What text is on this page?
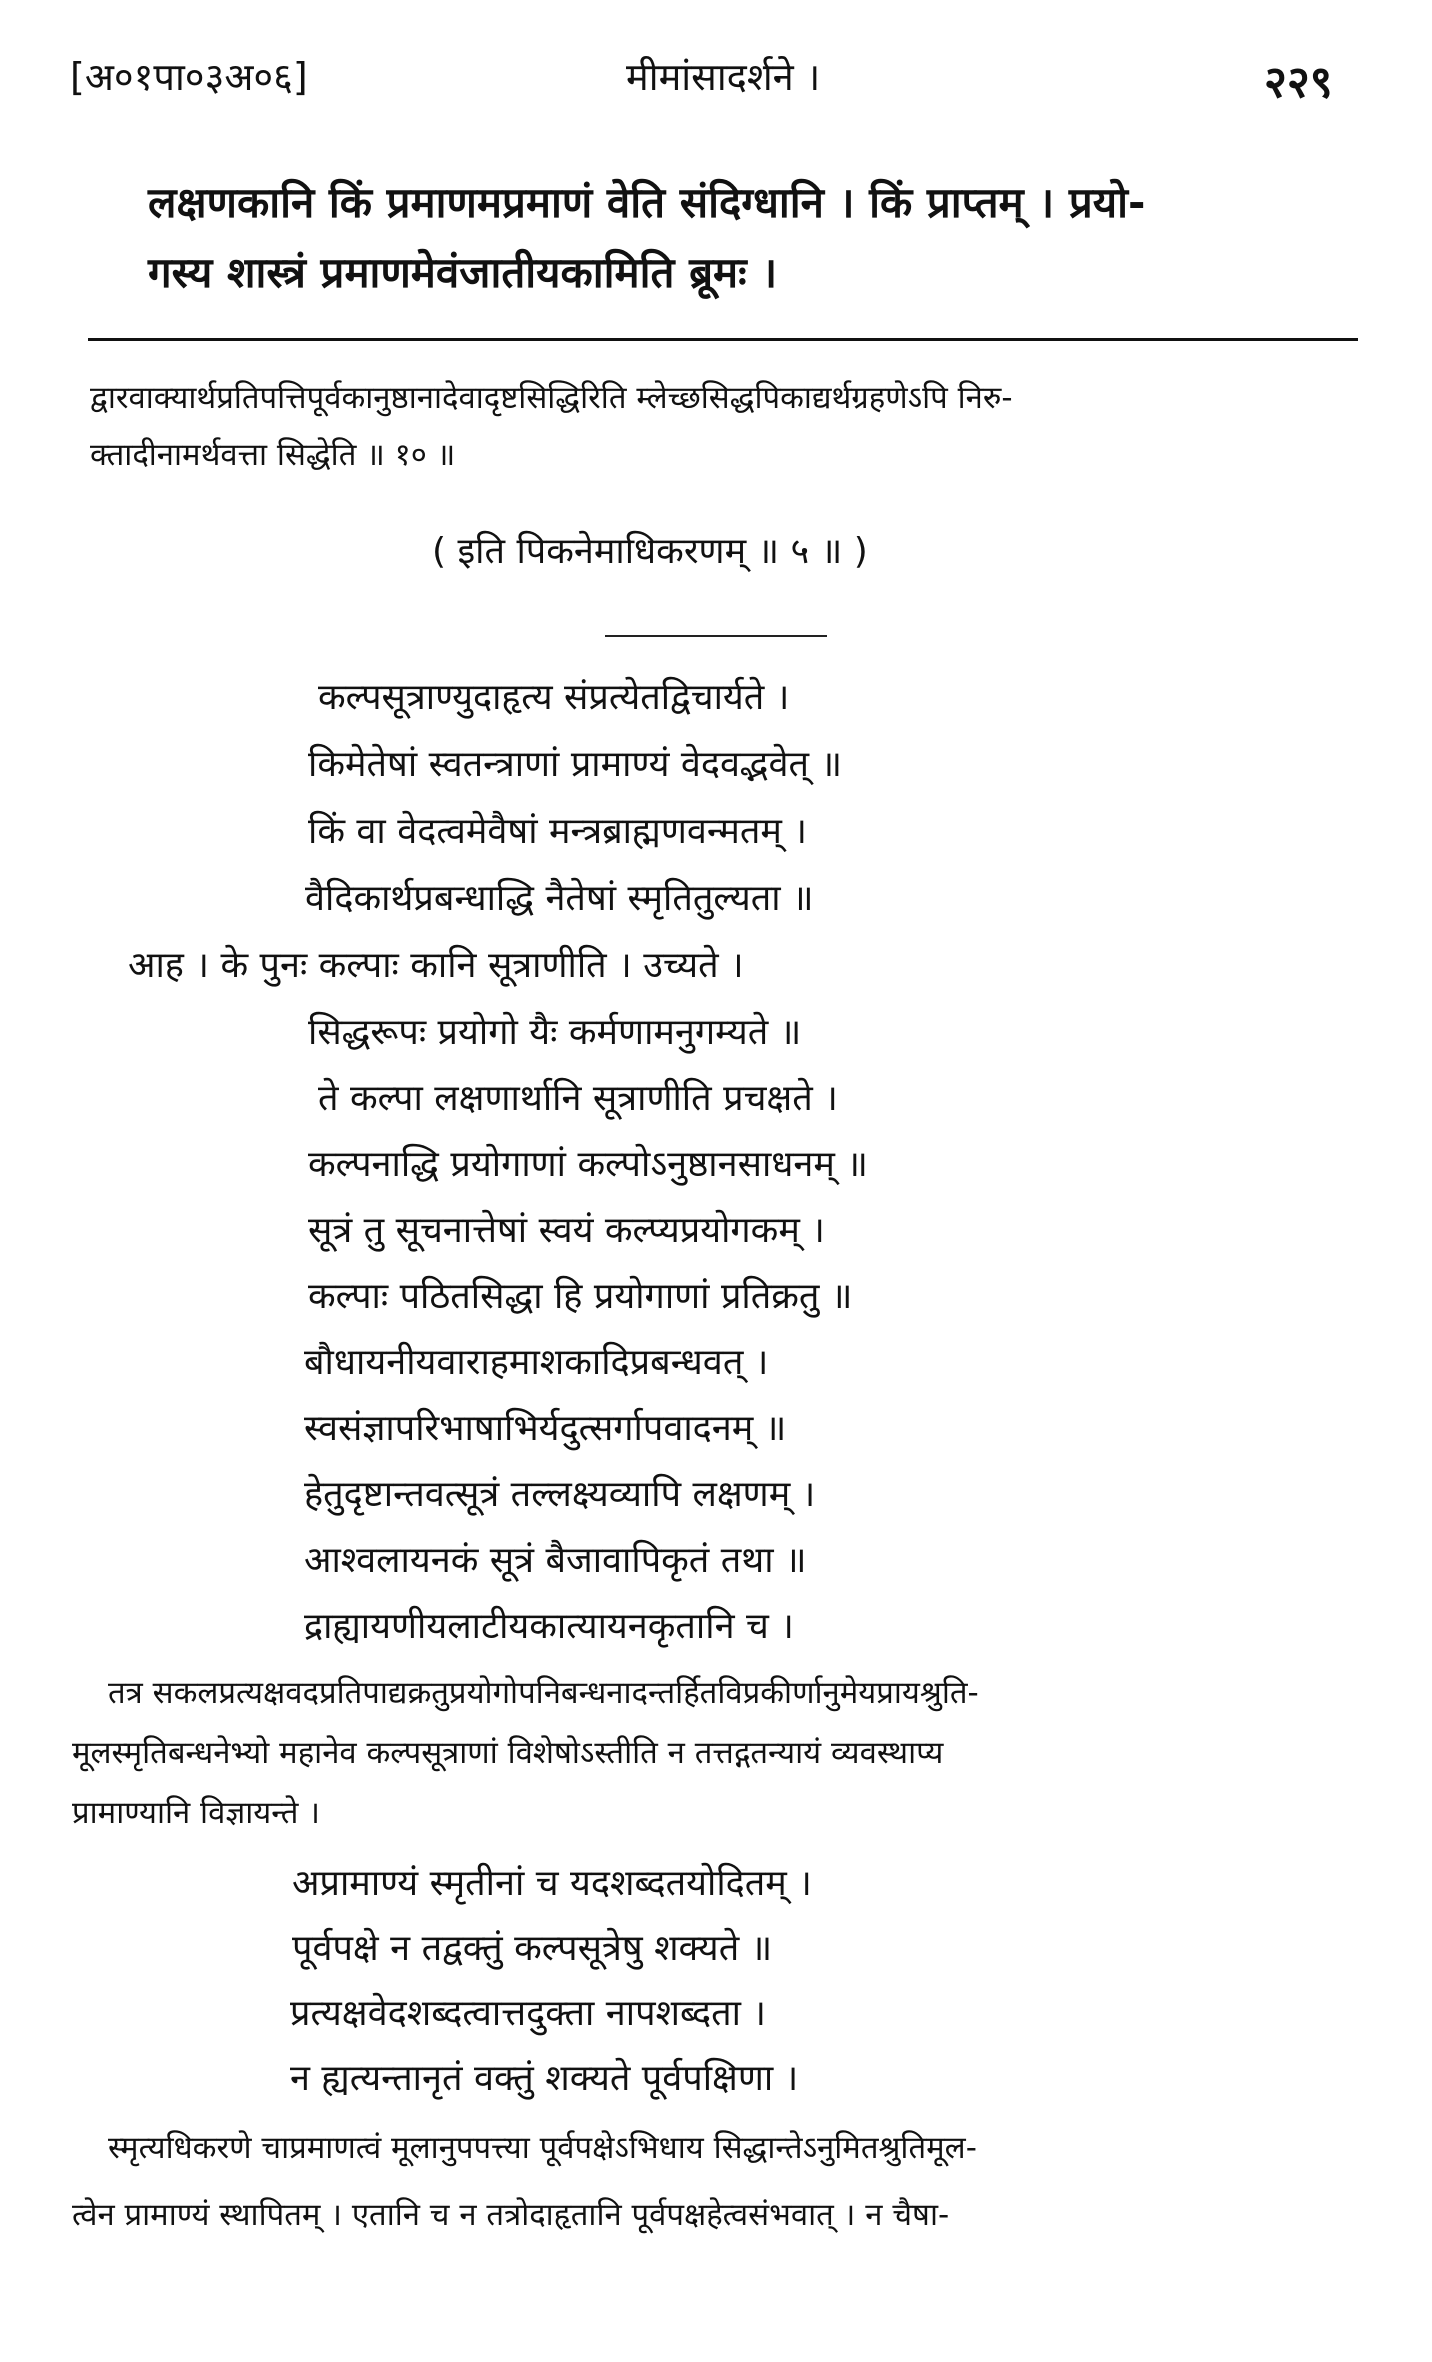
[अ०१पा०३अ०६]	मीमांसादर्शने ।	२२९
लक्षणकानि किं प्रमाणमप्रमाणं वेति संदिग्धानि । किं प्राप्तम् । प्रयो-
गस्य शास्त्रं प्रमाणमेवंजातीयकामिति ब्रूमः ।
द्वारवाक्यार्थप्रतिपत्तिपूर्वकानुष्ठानादेवादृष्टसिद्धिरिति म्लेच्छसिद्धपिकाद्यर्थग्रहणेऽपि निरु-
क्तादीनामर्थवत्ता सिद्धेति ॥ १० ॥
( इति पिकनेमाधिकरणम् ॥ ५ ॥ )
कल्पसूत्राण्युदाहृत्य संप्रत्येतद्विचार्यते ।
किमेतेषां स्वतन्त्राणां प्रामाण्यं वेदवद्भवेत् ॥
किं वा वेदत्वमेवैषां मन्त्रब्राह्मणवन्मतम् ।
वैदिकार्थप्रबन्धाद्धि नैतेषां स्मृतितुल्यता ॥
आह । के पुनः कल्पाः कानि सूत्राणीति । उच्यते ।
सिद्धरूपः प्रयोगो यैः कर्मणामनुगम्यते ॥
ते कल्पा लक्षणार्थानि सूत्राणीति प्रचक्षते ।
कल्पनाद्धि प्रयोगाणां कल्पोऽनुष्ठानसाधनम् ॥
सूत्रं तु सूचनात्तेषां स्वयं कल्प्यप्रयोगकम् ।
कल्पाः पठितसिद्धा हि प्रयोगाणां प्रतिक्रतु ॥
बौधायनीयवाराहमाशकादिप्रबन्धवत् ।
स्वसंज्ञापरिभाषाभिर्यदुत्सर्गापवादनम् ॥
हेतुदृष्टान्तवत्सूत्रं तल्लक्ष्यव्यापि लक्षणम् ।
आश्वलायनकं सूत्रं बैजावापिकृतं तथा ॥
द्राह्यायणीयलाटीयकात्यायनकृतानि च ।
तत्र सकलप्रत्यक्षवदप्रतिपाद्यक्रतुप्रयोगोपनिबन्धनादन्तर्हितविप्रकीर्णानुमेयप्रायश्रुति-
मूलस्मृतिबन्धनेभ्यो महानेव कल्पसूत्राणां विशेषोऽस्तीति न तत्तद्गतन्यायं व्यवस्थाप्य
प्रामाण्यानि विज्ञायन्ते ।
अप्रामाण्यं स्मृतीनां च यदशब्दतयोदितम् ।
पूर्वपक्षे न तद्वक्तुं कल्पसूत्रेषु शक्यते ॥
प्रत्यक्षवेदशब्दत्वात्तदुक्ता नापशब्दता ।
न ह्यत्यन्तानृतं वक्तुं शक्यते पूर्वपक्षिणा ।
स्मृत्यधिकरणे चाप्रमाणत्वं मूलानुपपत्त्या पूर्वपक्षेऽभिधाय सिद्धान्तेऽनुमितश्रुतिमूल-
त्वेन प्रामाण्यं स्थापितम् । एतानि च न तत्रोदाहृतानि पूर्वपक्षहेत्वसंभवात् । न चैषा-
